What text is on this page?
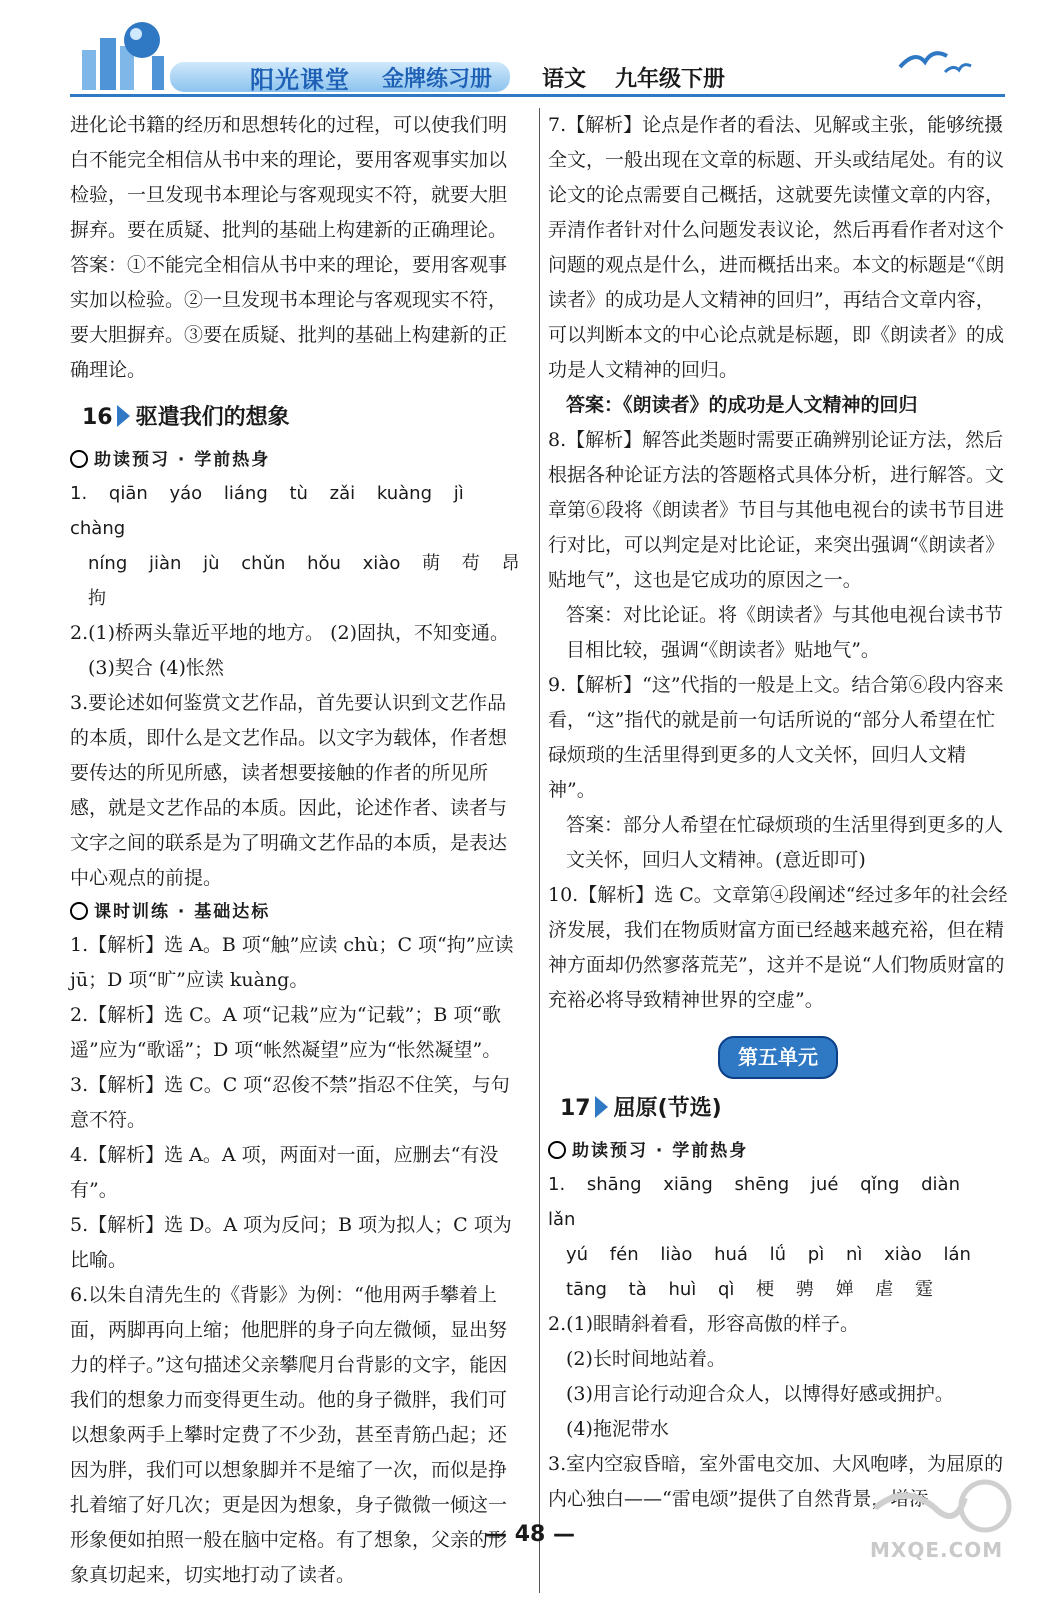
阳光课堂 金牌练习册 语文 九年级下册

进化论书籍的经历和思想转化的过程，可以使我们明白不能完全相信从书中来的理论，要用客观事实加以检验，一旦发现书本理论与客观现实不符，就要大胆摒弃。要在质疑、批判的基础上构建新的正确理论。

答案：①不能完全相信从书中来的理论，要用客观事实加以检验。②一旦发现书本理论与客观现实不符，要大胆摒弃。③要在质疑、批判的基础上构建新的正确理论。

16 驱遣我们的想象
助读预习 · 学前热身

1. qiān yáo liáng tù zǎi kuàng jì chàng

níng jiàn jù chǔn hǒu xiào 萌 苟 昂 拘

2.(1)桥两头靠近平地的地方。 (2)固执，不知变通。

(3)契合 (4)怅然

3.要论述如何鉴赏文艺作品，首先要认识到文艺作品的本质，即什么是文艺作品。以文字为载体，作者想要传达的所见所感，读者想要接触的作者的所见所感，就是文艺作品的本质。因此，论述作者、读者与文字之间的联系是为了明确文艺作品的本质，是表达中心观点的前提。

课时训练 · 基础达标

1.【解析】选 A。B 项“触”应读 chù；C 项“拘”应读 jū；D 项“旷”应读 kuàng。

2.【解析】选 C。A 项“记栽”应为“记载”；B 项“歌遥”应为“歌谣”；D 项“帐然凝望”应为“怅然凝望”。

3.【解析】选 C。C 项“忍俊不禁”指忍不住笑，与句意不符。

4.【解析】选 A。A 项，两面对一面，应删去“有没有”。

5.【解析】选 D。A 项为反问；B 项为拟人；C 项为比喻。

6.以朱自清先生的《背影》为例：“他用两手攀着上面，两脚再向上缩；他肥胖的身子向左微倾，显出努力的样子。”这句描述父亲攀爬月台背影的文字，能因我们的想象力而变得更生动。他的身子微胖，我们可以想象两手上攀时定费了不少劲，甚至青筋凸起；还因为胖，我们可以想象脚并不是缩了一次，而似是挣扎着缩了好几次；更是因为想象，身子微微一倾这一形象便如拍照一般在脑中定格。有了想象，父亲的形象真切起来，切实地打动了读者。

7.【解析】论点是作者的看法、见解或主张，能够统摄全文，一般出现在文章的标题、开头或结尾处。有的议论文的论点需要自己概括，这就要先读懂文章的内容，弄清作者针对什么问题发表议论，然后再看作者对这个问题的观点是什么，进而概括出来。本文的标题是“《朗读者》的成功是人文精神的回归”，再结合文章内容，可以判断本文的中心论点就是标题，即《朗读者》的成功是人文精神的回归。

答案：《朗读者》的成功是人文精神的回归

8.【解析】解答此类题时需要正确辨别论证方法，然后根据各种论证方法的答题格式具体分析，进行解答。文章第⑥段将《朗读者》节目与其他电视台的读书节目进行对比，可以判定是对比论证，来突出强调“《朗读者》贴地气”，这也是它成功的原因之一。

答案：对比论证。将《朗读者》与其他电视台读书节目相比较，强调“《朗读者》贴地气”。

9.【解析】“这”代指的一般是上文。结合第⑥段内容来看，“这”指代的就是前一句话所说的“部分人希望在忙碌烦琐的生活里得到更多的人文关怀，回归人文精神”。

答案：部分人希望在忙碌烦琐的生活里得到更多的人文关怀，回归人文精神。(意近即可)

10.【解析】选 C。文章第④段阐述“经过多年的社会经济发展，我们在物质财富方面已经越来越充裕，但在精神方面却仍然寥落荒芜”，这并不是说“人们物质财富的充裕必将导致精神世界的空虚”。

第五单元
17 屈原(节选)
助读预习 · 学前热身

1. shāng xiāng shēng jué qǐng diàn lǎn

yú fén liào huá lǘ pì nì xiào lán

tāng tà huì qì 梗 骋 婵 虐 霆

2.(1)眼睛斜着看，形容高傲的样子。

(2)长时间地站着。

(3)用言论行动迎合众人，以博得好感或拥护。

(4)拖泥带水

3.室内空寂昏暗，室外雷电交加、大风咆哮，为屈原的内心独白——“雷电颂”提供了自然背景，增添

— 48 —
MXQE.COM
